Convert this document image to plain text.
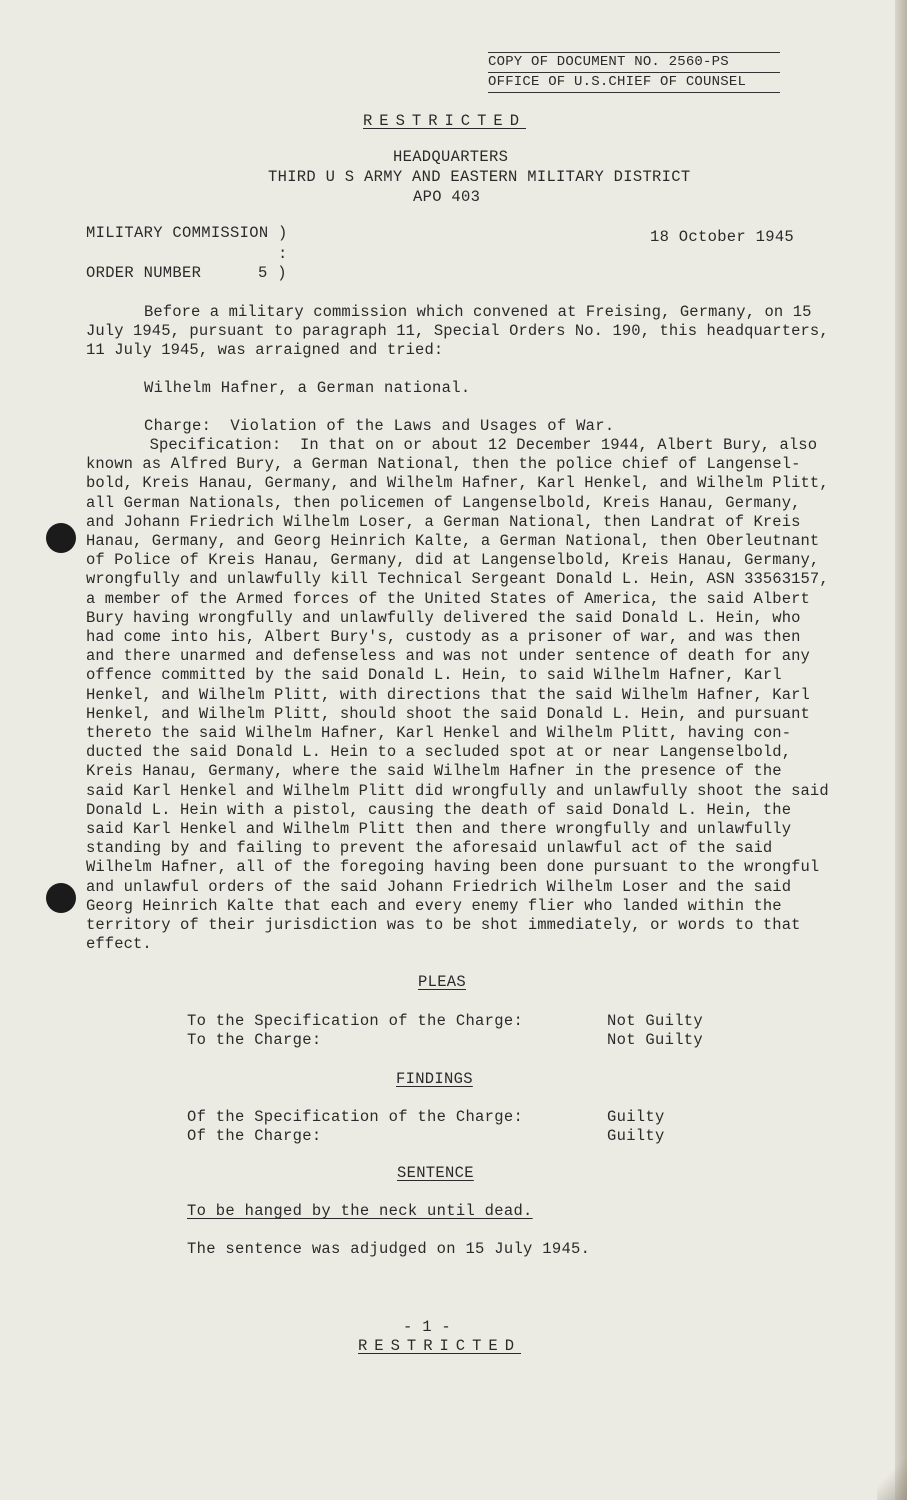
COPY OF DOCUMENT NO. 2560-PS
OFFICE OF U.S.CHIEF OF COUNSEL
RESTRICTED
HEADQUARTERS
THIRD U S ARMY AND EASTERN MILITARY DISTRICT
APO 403
MILITARY COMMISSION )	18 October 1945
:
ORDER NUMBER	5 )
Before a military commission which convened at Freising, Germany, on 15
July 1945, pursuant to paragraph 11, Special Orders No. 190, this headquarters,
11 July 1945, was arraigned and tried:
Wilhelm Hafner, a German national.
Charge:  Violation of the Laws and Usages of War.
Specification:  In that on or about 12 December 1944, Albert Bury, also
known as Alfred Bury, a German National, then the police chief of Langensel-
bold, Kreis Hanau, Germany, and Wilhelm Hafner, Karl Henkel, and Wilhelm Plitt,
all German Nationals, then policemen of Langenselbold, Kreis Hanau, Germany,
and Johann Friedrich Wilhelm Loser, a German National, then Landrat of Kreis
Hanau, Germany, and Georg Heinrich Kalte, a German National, then Oberleutnant
of Police of Kreis Hanau, Germany, did at Langenselbold, Kreis Hanau, Germany,
wrongfully and unlawfully kill Technical Sergeant Donald L. Hein, ASN 33563157,
a member of the Armed forces of the United States of America, the said Albert
Bury having wrongfully and unlawfully delivered the said Donald L. Hein, who
had come into his, Albert Bury's, custody as a prisoner of war, and was then
and there unarmed and defenseless and was not under sentence of death for any
offence committed by the said Donald L. Hein, to said Wilhelm Hafner, Karl
Henkel, and Wilhelm Plitt, with directions that the said Wilhelm Hafner, Karl
Henkel, and Wilhelm Plitt, should shoot the said Donald L. Hein, and pursuant
thereto the said Wilhelm Hafner, Karl Henkel and Wilhelm Plitt, having con-
ducted the said Donald L. Hein to a secluded spot at or near Langenselbold,
Kreis Hanau, Germany, where the said Wilhelm Hafner in the presence of the
said Karl Henkel and Wilhelm Plitt did wrongfully and unlawfully shoot the said
Donald L. Hein with a pistol, causing the death of said Donald L. Hein, the
said Karl Henkel and Wilhelm Plitt then and there wrongfully and unlawfully
standing by and failing to prevent the aforesaid unlawful act of the said
Wilhelm Hafner, all of the foregoing having been done pursuant to the wrongful
and unlawful orders of the said Johann Friedrich Wilhelm Loser and the said
Georg Heinrich Kalte that each and every enemy flier who landed within the
territory of their jurisdiction was to be shot immediately, or words to that
effect.
PLEAS
To the Specification of the Charge:	Not Guilty
To the Charge:	Not Guilty
FINDINGS
Of the Specification of the Charge:	Guilty
Of the Charge:	Guilty
SENTENCE
To be hanged by the neck until dead.
The sentence was adjudged on 15 July 1945.
- 1 -
RESTRICTED
